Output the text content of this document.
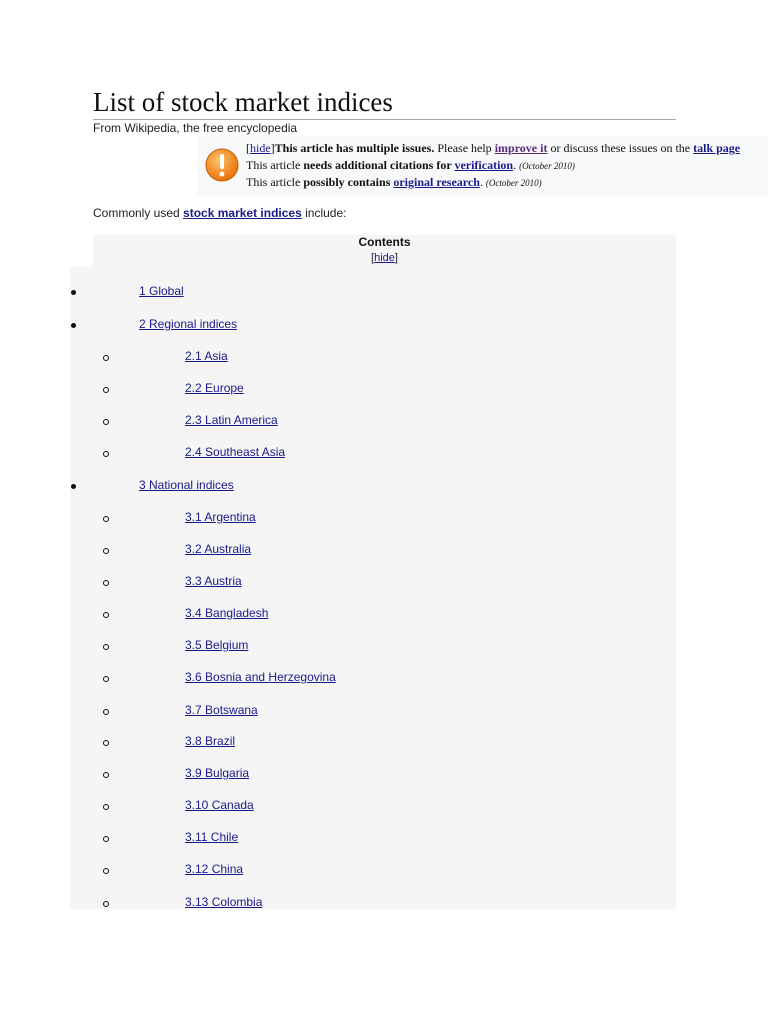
List of stock market indices
From Wikipedia, the free encyclopedia
[hide]This article has multiple issues. Please help improve it or discuss these issues on the talk page
This article needs additional citations for verification. (October 2010)
This article possibly contains original research. (October 2010)
Commonly used stock market indices include:
Contents
[hide]
1 Global
2 Regional indices
2.1 Asia
2.2 Europe
2.3 Latin America
2.4 Southeast Asia
3 National indices
3.1 Argentina
3.2 Australia
3.3 Austria
3.4 Bangladesh
3.5 Belgium
3.6 Bosnia and Herzegovina
3.7 Botswana
3.8 Brazil
3.9 Bulgaria
3.10 Canada
3.11 Chile
3.12 China
3.13 Colombia
